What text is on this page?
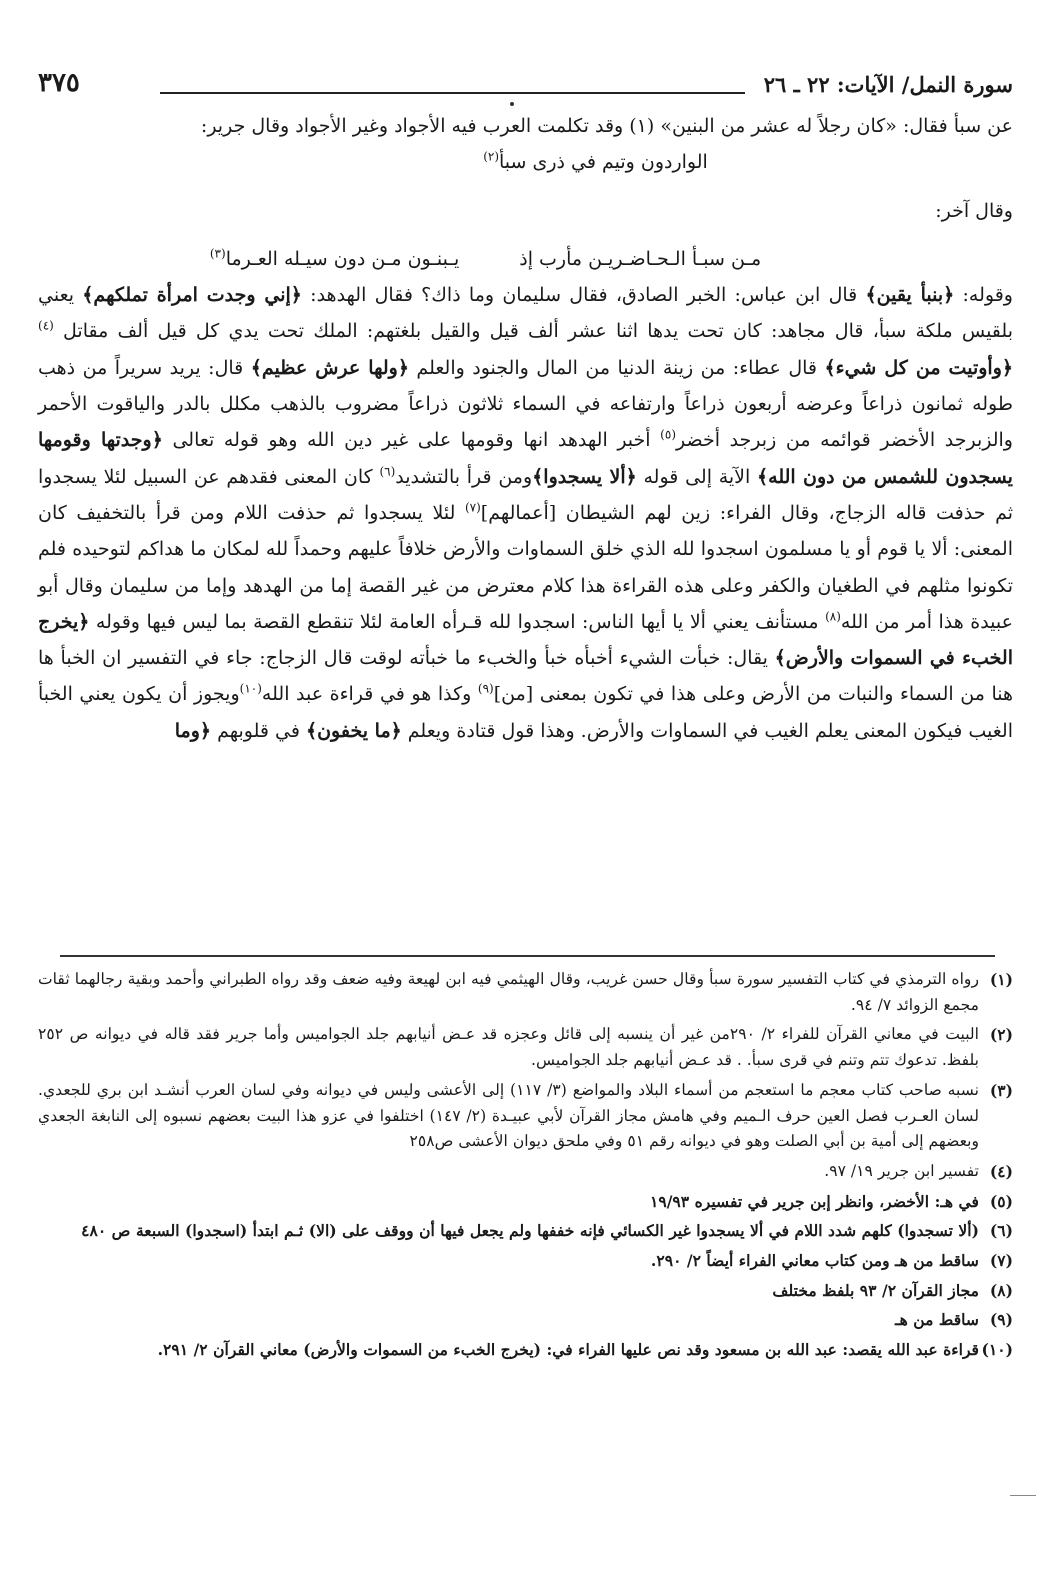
سورة النمل/ الآيات: ٢٢ ـ ٢٦
٣٧٥

عن سبأ فقال: «كان رجلاً له عشر من البنين» (١) وقد تكلمت العرب فيه الأجواد وغير الأجواد وقال جرير:

الواردون وتيم في ذرى سبأ$^{(٢)}$

وقال آخر:

مـن سبـأ الـحـاضـريـن مأرب إذ
يـبنـون مـن دون سيـله العـرما$^{(٣)}$

وقوله: ﴿بنبأ يقين﴾ قال ابن عباس: الخبر الصادق، فقال سليمان وما ذاك؟ فقال الهدهد: ﴿إني وجدت امرأة تملكهم﴾ يعني بلقيس ملكة سبأ، قال مجاهد: كان تحت يدها اثنا عشر ألف قيل والقيل بلغتهم: الملك تحت يدي كل قيل ألف مقاتل $^{(٤)}$ ﴿وأوتيت من كل شيء﴾ قال عطاء: من زينة الدنيا من المال والجنود والعلم ﴿ولها عرش عظيم﴾ قال: يريد سريراً من ذهب طوله ثمانون ذراعاً وعرضه أربعون ذراعاً وارتفاعه في السماء ثلاثون ذراعاً مضروب بالذهب مكلل بالدر والياقوت الأحمر والزبرجد الأخضر قوائمه من زبرجد أخضر$^{(٥)}$ أخبر الهدهد انها وقومها على غير دين الله وهو قوله تعالى ﴿وجدتها وقومها يسجدون للشمس من دون الله﴾ الآية إلى قوله ﴿ألا يسجدوا﴾ومن قرأ بالتشديد$^{(٦)}$ كان المعنى فقدهم عن السبيل لئلا يسجدوا ثم حذفت قاله الزجاج، وقال الفراء: زين لهم الشيطان [أعمالهم]$^{(٧)}$ لئلا يسجدوا ثم حذفت اللام ومن قرأ بالتخفيف كان المعنى: ألا يا قوم أو يا مسلمون اسجدوا لله الذي خلق السماوات والأرض خلافاً عليهم وحمداً لله لمكان ما هداكم لتوحيده فلم تكونوا مثلهم في الطغيان والكفر وعلى هذه القراءة هذا كلام معترض من غير القصة إما من الهدهد وإما من سليمان وقال أبو عبيدة هذا أمر من الله$^{(٨)}$ مستأنف يعني ألا يا أيها الناس: اسجدوا لله قـرأه العامة لئلا تنقطع القصة بما ليس فيها وقوله ﴿يخرج الخبء في السموات والأرض﴾ يقال: خبأت الشيء أخبأه خبأ والخبء ما خبأته لوقت قال الزجاج: جاء في التفسير ان الخبأ ها هنا من السماء والنبات من الأرض وعلى هذا في تكون بمعنى [من]$^{(٩)}$ وكذا هو في قراءة عبد الله$^{(١٠)}$ويجوز أن يكون يعني الخبأ الغيب فيكون المعنى يعلم الغيب في السماوات والأرض. وهذا قول قتادة ويعلم ﴿ما يخفون﴾ في قلوبهم ﴿وما

(١)
رواه الترمذي في كتاب التفسير سورة سبأ وقال حسن غريب، وقال الهيثمي فيه ابن لهيعة وفيه ضعف وقد رواه الطبراني وأحمد وبقية رجالهما ثقات مجمع الزوائد ٧/ ٩٤.
(٢)
البيت في معاني القرآن للفراء ٢/ ٢٩٠من غير أن ينسبه إلى قائل وعجزه قد عـض أنيابهم جلد الجواميس وأما جرير فقد قاله في ديوانه ص ٢٥٢ بلفظ. تدعوك تتم وتنم في قرى سبأ. . قد عـض أنيابهم جلد الجواميس.
(٣)
نسبه صاحب كتاب معجم ما استعجم من أسماء البلاد والمواضع (٣/ ١١٧) إلى الأعشى وليس في ديوانه وفي لسان العرب أنشـد ابن بري للجعدي. لسان العـرب فصل العين حرف الـميم وفي هامش مجاز القرآن لأبي عبيـدة (٢/ ١٤٧) اختلفوا في عزو هذا البيت بعضهم نسبوه إلى النابغة الجعدي وبعضهم إلى أمية بن أبي الصلت وهو في ديوانه رقم ٥١ وفي ملحق ديوان الأعشى ص٢٥٨
(٤)
تفسير ابن جرير ١٩/ ٩٧.
(٥)
في هـ: الأخضر، وانظر إبن جرير في تفسيره ١٩/٩٣
(٦)
(ألا تسجدوا) كلهم شدد اللام في ألا يسجدوا غير الكسائي فإنه خففها ولم يجعل فيها أن ووقف على (الا) ثـم ابتدأ (اسجدوا) السبعة ص ٤٨٠
(٧)
ساقط من هـ ومن كتاب معاني الفراء أيضاً ٢/ ٢٩٠.
(٨)
مجاز القرآن ٢/ ٩٣ بلفظ مختلف
(٩)
ساقط من هـ
(١٠)
قراءة عبد الله يقصد: عبد الله بن مسعود وقد نص عليها الفراء في: (يخرج الخبء من السموات والأرض) معاني القرآن ٢/ ٢٩١.
